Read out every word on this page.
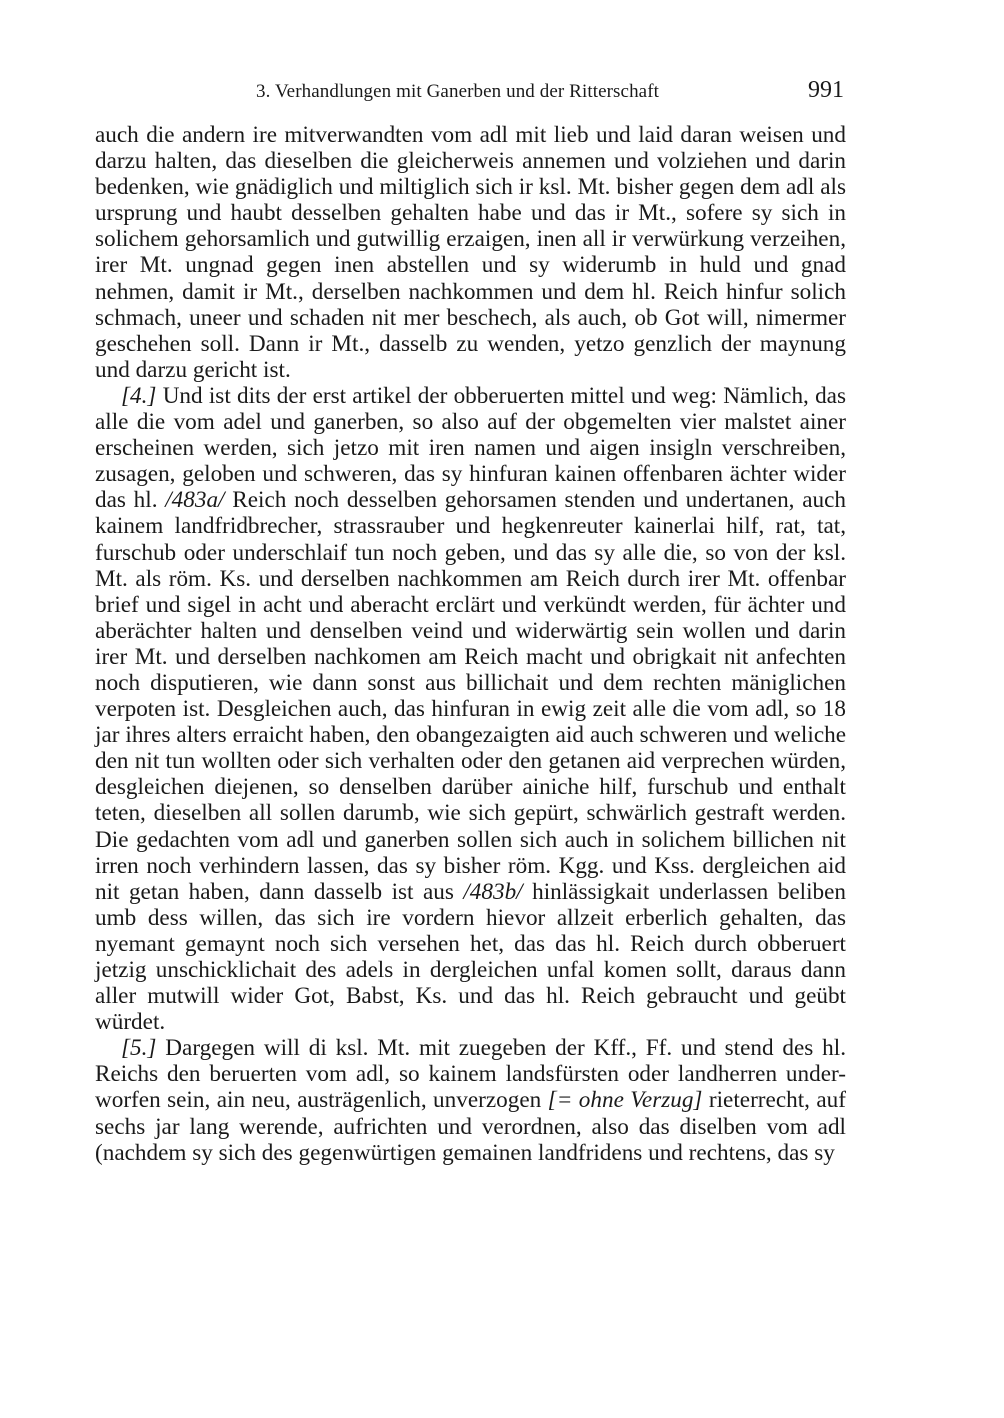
3. Verhandlungen mit Ganerben und der Ritterschaft	991

auch die andern ire mitverwandten vom adl mit lieb und laid daran weisen und darzu halten, das dieselben die gleicherweis annemen und volziehen und darin bedenken, wie gnädiglich und miltiglich sich ir ksl. Mt. bisher gegen dem adl als ursprung und haubt desselben gehalten habe und das ir Mt., sofere sy sich in solichem gehorsamlich und gutwillig erzaigen, inen all ir verwürkung verzeihen, irer Mt. ungnad gegen inen abstellen und sy widerumb in huld und gnad nehmen, damit ir Mt., derselben nachkommen und dem hl. Reich hinfur solich schmach, uneer und schaden nit mer beschech, als auch, ob Got will, nimermer geschehen soll. Dann ir Mt., dasselb zu wenden, yetzo genzlich der maynung und darzu gericht ist.

[4.] Und ist dits der erst artikel der obberuerten mittel und weg: Nämlich, das alle die vom adel und ganerben, so also auf der obgemelten vier malstet ainer erscheinen werden, sich jetzo mit iren namen und aigen insigln verschreiben, zusagen, geloben und schweren, das sy hinfuran kainen offenbaren ächter wider das hl. /483a/ Reich noch desselben gehorsamen stenden und undertanen, auch kainem landfridbrecher, strassrauber und hegkenreuter kainerlai hilf, rat, tat, furschub oder underschlaif tun noch geben, und das sy alle die, so von der ksl. Mt. als röm. Ks. und derselben nachkommen am Reich durch irer Mt. offenbar brief und sigel in acht und aberacht erclärt und verkündt werden, für ächter und aberächter halten und denselben veind und widerwärtig sein wollen und darin irer Mt. und derselben nachkomen am Reich macht und obrigkait nit anfechten noch disputieren, wie dann sonst aus billichait und dem rechten mäniglichen verpoten ist. Desgleichen auch, das hinfuran in ewig zeit alle die vom adl, so 18 jar ihres alters erraicht haben, den obangezaigten aid auch schweren und weliche den nit tun wollten oder sich verhalten oder den getanen aid verprechen würden, desgleichen diejenen, so denselben darüber ainiche hilf, furschub und enthalt teten, dieselben all sollen darumb, wie sich gepürt, schwärlich gestraft werden. Die gedachten vom adl und ganerben sollen sich auch in solichem billichen nit irren noch verhindern lassen, das sy bisher röm. Kgg. und Kss. dergleichen aid nit getan haben, dann dasselb ist aus /483b/ hinlässigkait underlassen beliben umb dess willen, das sich ire vordern hievor allzeit erberlich gehalten, das nyemant gemaynt noch sich versehen het, das das hl. Reich durch obberuert jetzig unschicklichait des adels in dergleichen unfal komen sollt, daraus dann aller mutwill wider Got, Babst, Ks. und das hl. Reich gebraucht und geübt würdet.

[5.] Dargegen will di ksl. Mt. mit zuegeben der Kff., Ff. und stend des hl. Reichs den beruerten vom adl, so kainem landsfürsten oder landherren under-worfen sein, ain neu, austrägenlich, unverzogen [= ohne Verzug] rieterrecht, auf sechs jar lang werende, aufrichten und verordnen, also das diselben vom adl (nachdem sy sich des gegenwürtigen gemainen landfridens und rechtens, das sy
